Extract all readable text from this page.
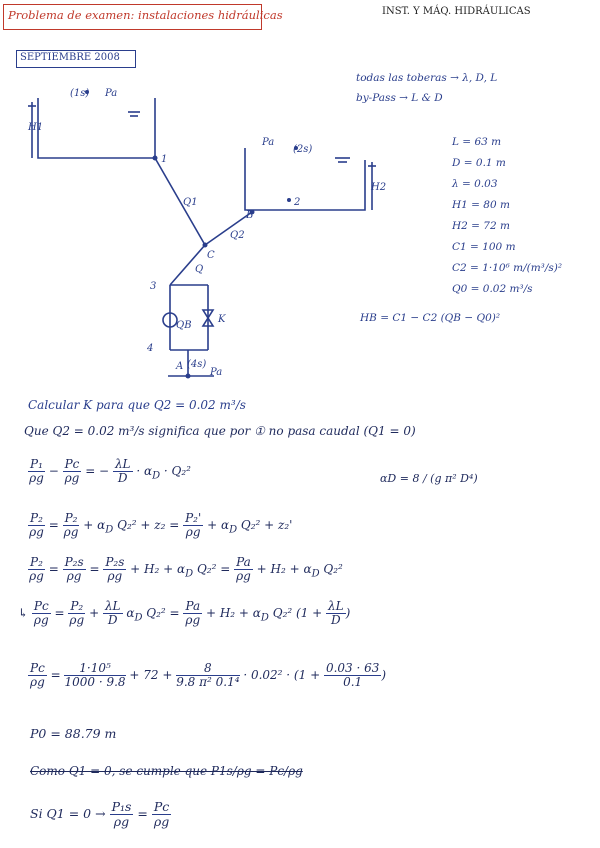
Problema de examen: instalaciones hidráulicas	INST. Y MÁQ. HIDRÁULICAS
SEPTIEMBRE 2008
(1s) Pa
H1
1
Q1
Pa
(2s)
H2
2
B
Q2
C
Q
3
QB
K
4
A (4s)
Pa
todas las toberas → λ, D, L
by-Pass → L & D
L = 63 m
D = 0.1 m
λ = 0.03
H1 = 80 m
H2 = 72 m
C1 = 100 m
C2 = 1·10⁶ m/(m³/s)²
Q0 = 0.02 m³/s
HB = C1 − C2 (QB − Q0)²
Calcular K para que Q2 = 0.02 m³/s
Que Q2 = 0.02 m³/s significa que por ① no pasa caudal (Q1 = 0)
$\frac{\text{P₁}}{\rho g} - \frac{Pc}{\rho g}$ = − $\frac{\lambda L}{D} \cdot \alpha_D \cdot Q_2^2$
αD = 8 / (g π² D⁴)
$\frac{\text{P₂}}{\rho g} = \frac{\text{P₂}}{\rho g} + \alpha_D$ $Q_2^2 + z_2 = \frac{\text{P₂'}}{\rho g} + \alpha_D$ Q₂² + z₂'
$\frac{\text{P₂}}{\rho g} = \frac{\text{P₂s}}{\rho g} = \frac{\text{P₂s}}{\rho g} + H_2 + \alpha_D$ $Q_2^2 = \frac{Pa}{\rho g} + H_2 + \alpha_D$ Q₂²
↳ $\frac{Pc}{\rho g} = \frac{\text{P₂}}{\rho g} + \frac{\lambda L}{D} \alpha_D$ $Q_2^2 = \frac{Pa}{\rho g} + H_2 + \alpha_D$ Q₂² ($1 + \frac{\lambda L}{D}$ )
$\frac{Pc}{\rho g} = \frac{\text{1·10⁵}}{1000 \cdot 9.8} + 72 + \frac{8}{\text{9.8 π² 0.1⁴}} \cdot 0.02^2 \cdot (1 + \frac{0.03 \cdot 63}{0.1}$ )
P0 = 88.79 m
Como Q1 = 0, se cumple que P1s/ρg = Pc/ρg
Si $Q1 = 0 \to \frac{\text{P₁s}}{\rho g} = \frac{Pc}{\rho g}$
